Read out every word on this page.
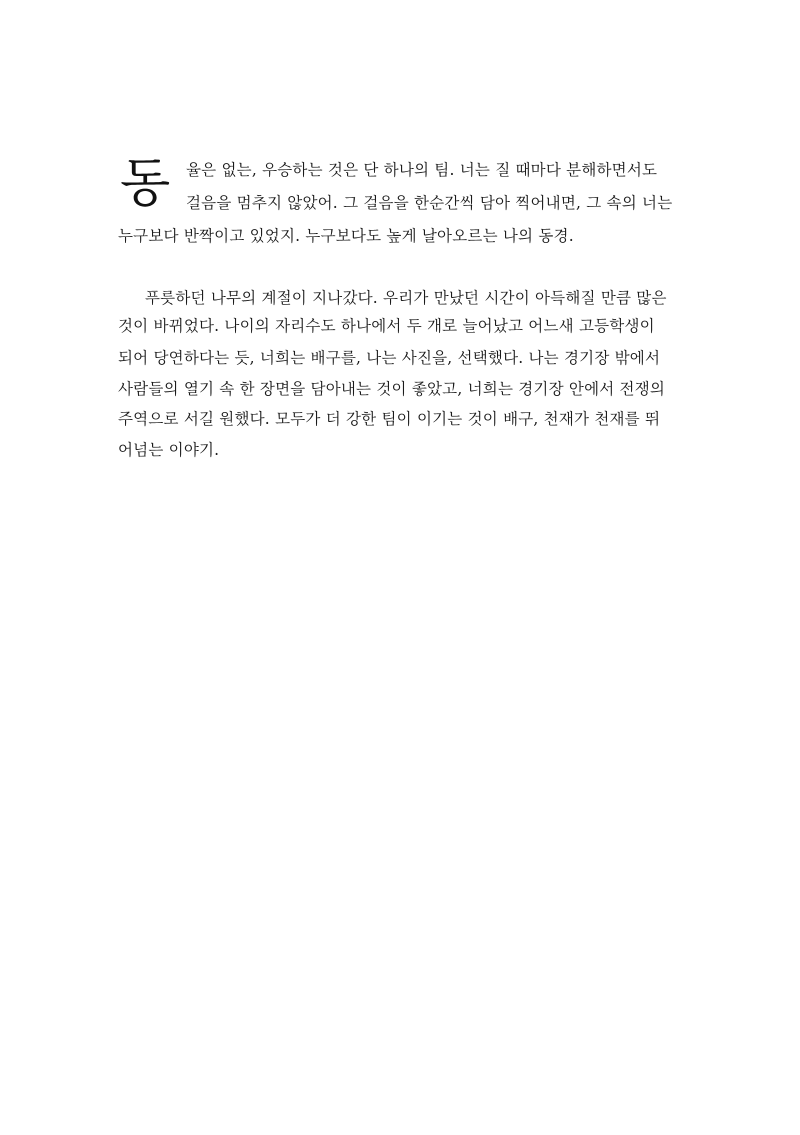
동 율은 없는, 우승하는 것은 단 하나의 팀. 너는 질 때마다 분해하면서도
걸음을 멈추지 않았어. 그 걸음을 한순간씩 담아 찍어내면, 그 속의 너는
누구보다 반짝이고 있었지. 누구보다도 높게 날아오르는 나의 동경.
푸릇하던 나무의 계절이 지나갔다. 우리가 만났던 시간이 아득해질 만큼 많은
것이 바뀌었다. 나이의 자리수도 하나에서 두 개로 늘어났고 어느새 고등학생이
되어 당연하다는 듯, 너희는 배구를, 나는 사진을, 선택했다. 나는 경기장 밖에서
사람들의 열기 속 한 장면을 담아내는 것이 좋았고, 너희는 경기장 안에서 전쟁의
주역으로 서길 원했다. 모두가 더 강한 팀이 이기는 것이 배구, 천재가 천재를 뛰
어넘는 이야기.
